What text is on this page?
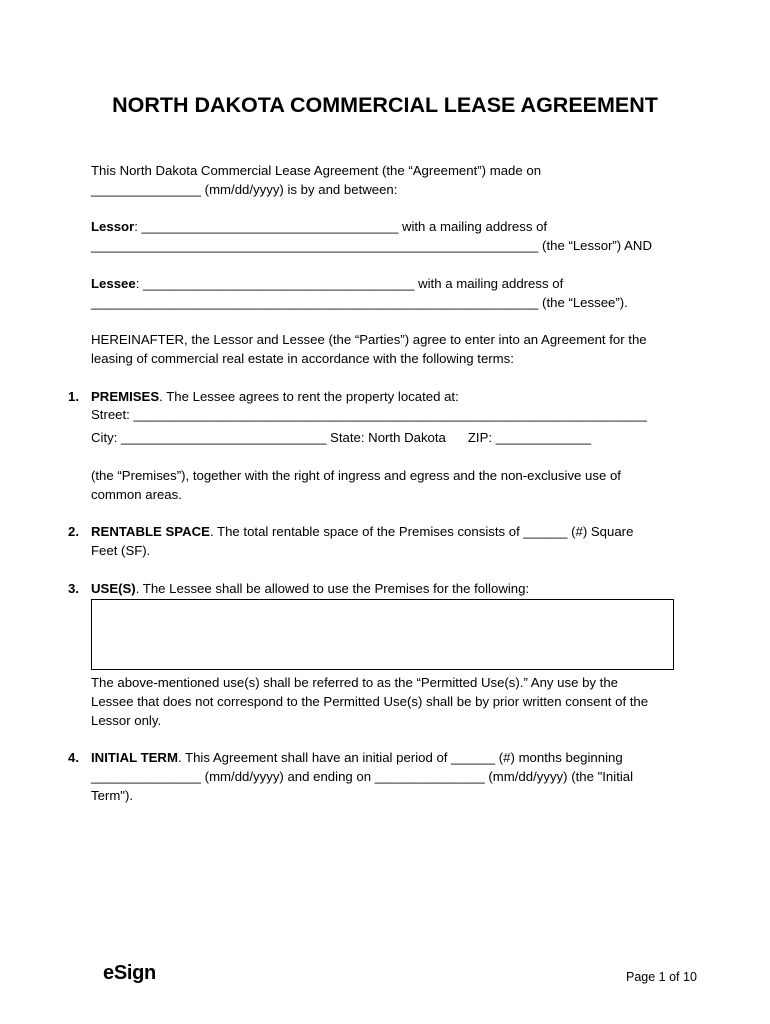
NORTH DAKOTA COMMERCIAL LEASE AGREEMENT
This North Dakota Commercial Lease Agreement (the “Agreement”) made on
_______________ (mm/dd/yyyy) is by and between:
Lessor: ___________________________________ with a mailing address of
_____________________________________________________________ (the “Lessor”) AND
Lessee: _____________________________________ with a mailing address of
_____________________________________________________________ (the “Lessee”).
HEREINAFTER, the Lessor and Lessee (the “Parties”) agree to enter into an Agreement for the
leasing of commercial real estate in accordance with the following terms:
1. PREMISES. The Lessee agrees to rent the property located at:
Street: ______________________________________________________________________
City: ____________________________ State: North Dakota      ZIP: _____________
(the “Premises”), together with the right of ingress and egress and the non-exclusive use of
common areas.
2. RENTABLE SPACE. The total rentable space of the Premises consists of ______ (#) Square
Feet (SF).
3. USE(S). The Lessee shall be allowed to use the Premises for the following:
The above-mentioned use(s) shall be referred to as the “Permitted Use(s).” Any use by the
Lessee that does not correspond to the Permitted Use(s) shall be by prior written consent of the
Lessor only.
4. INITIAL TERM. This Agreement shall have an initial period of ______ (#) months beginning
_______________ (mm/dd/yyyy) and ending on _______________ (mm/dd/yyyy) (the "Initial
Term").
eSign	Page 1 of 10
